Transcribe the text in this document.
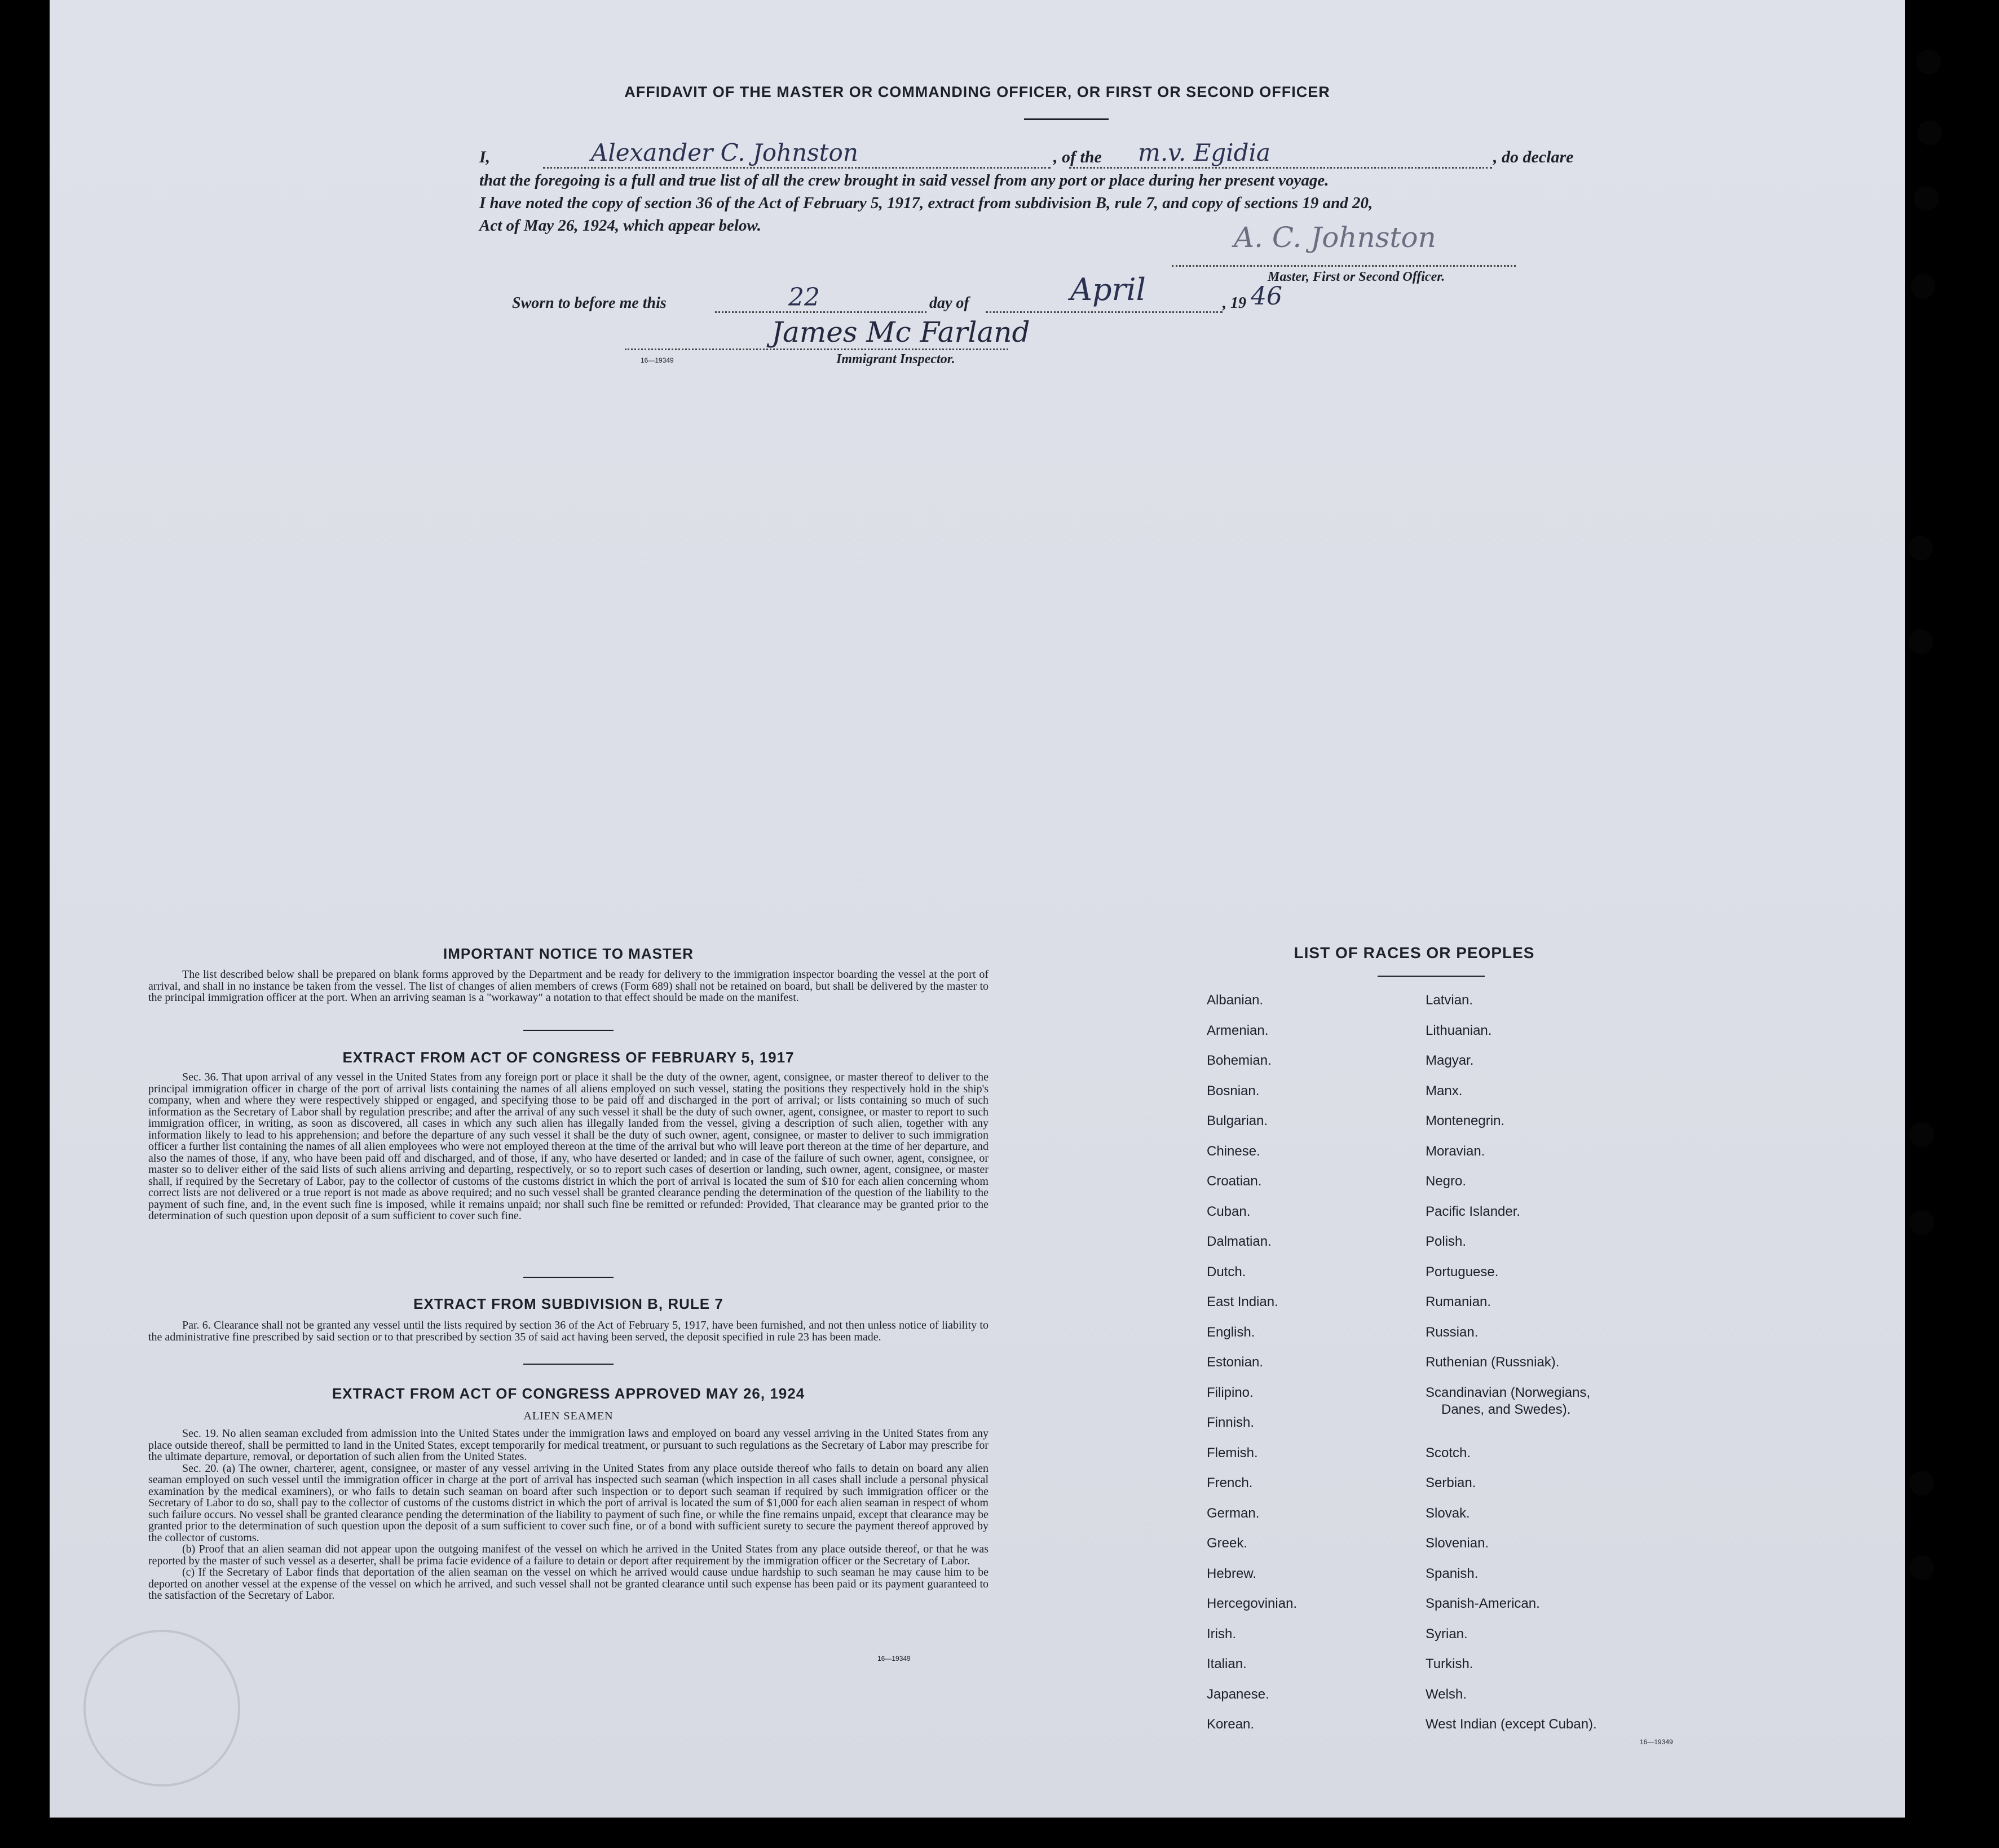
AFFIDAVIT OF THE MASTER OR COMMANDING OFFICER, OR FIRST OR SECOND OFFICER
I,	Alexander C. Johnston	, of the m.v. Egidia	, do declare
that the foregoing is a full and true list of all the crew brought in said vessel from any port or place during her present voyage.
I have noted the copy of section 36 of the Act of February 5, 1917, extract from subdivision B, rule 7, and copy of sections 19 and 20,
Act of May 26, 1924, which appear below.	A. C. Johnston
Master, First or Second Officer.
Sworn to before me this	22	day of	April	, 19 46
James Mc Farland
16—19349	Immigrant Inspector.
IMPORTANT NOTICE TO MASTER

The list described below shall be prepared on blank forms approved by the Department and be ready for delivery to the immigration inspector boarding the vessel at the port of arrival, and shall in no instance be taken from the vessel. The list of changes of alien members of crews (Form 689) shall not be retained on board, but shall be delivered by the master to the principal immigration officer at the port. When an arriving seaman is a "workaway" a notation to that effect should be made on the manifest.

EXTRACT FROM ACT OF CONGRESS OF FEBRUARY 5, 1917

Sec. 36. That upon arrival of any vessel in the United States from any foreign port or place it shall be the duty of the owner, agent, consignee, or master thereof to deliver to the principal immigration officer in charge of the port of arrival lists containing the names of all aliens employed on such vessel, stating the positions they respectively hold in the ship's company, when and where they were respectively shipped or engaged, and specifying those to be paid off and discharged in the port of arrival; or lists containing so much of such information as the Secretary of Labor shall by regulation prescribe; and after the arrival of any such vessel it shall be the duty of such owner, agent, consignee, or master to report to such immigration officer, in writing, as soon as discovered, all cases in which any such alien has illegally landed from the vessel, giving a description of such alien, together with any information likely to lead to his apprehension; and before the departure of any such vessel it shall be the duty of such owner, agent, consignee, or master to deliver to such immigration officer a further list containing the names of all alien employees who were not employed thereon at the time of the arrival but who will leave port thereon at the time of her departure, and also the names of those, if any, who have been paid off and discharged, and of those, if any, who have deserted or landed; and in case of the failure of such owner, agent, consignee, or master so to deliver either of the said lists of such aliens arriving and departing, respectively, or so to report such cases of desertion or landing, such owner, agent, consignee, or master shall, if required by the Secretary of Labor, pay to the collector of customs of the customs district in which the port of arrival is located the sum of $10 for each alien concerning whom correct lists are not delivered or a true report is not made as above required; and no such vessel shall be granted clearance pending the determination of the question of the liability to the payment of such fine, and, in the event such fine is imposed, while it remains unpaid; nor shall such fine be remitted or refunded: Provided, That clearance may be granted prior to the determination of such question upon deposit of a sum sufficient to cover such fine.

EXTRACT FROM SUBDIVISION B, RULE 7

Par. 6. Clearance shall not be granted any vessel until the lists required by section 36 of the Act of February 5, 1917, have been furnished, and not then unless notice of liability to the administrative fine prescribed by said section or to that prescribed by section 35 of said act having been served, the deposit specified in rule 23 has been made.

EXTRACT FROM ACT OF CONGRESS APPROVED MAY 26, 1924
ALIEN SEAMEN

Sec. 19. No alien seaman excluded from admission into the United States under the immigration laws and employed on board any vessel arriving in the United States from any place outside thereof, shall be permitted to land in the United States, except temporarily for medical treatment, or pursuant to such regulations as the Secretary of Labor may prescribe for the ultimate departure, removal, or deportation of such alien from the United States.

Sec. 20. (a) The owner, charterer, agent, consignee, or master of any vessel arriving in the United States from any place outside thereof who fails to detain on board any alien seaman employed on such vessel until the immigration officer in charge at the port of arrival has inspected such seaman (which inspection in all cases shall include a personal physical examination by the medical examiners), or who fails to detain such seaman on board after such inspection or to deport such seaman if required by such immigration officer or the Secretary of Labor to do so, shall pay to the collector of customs of the customs district in which the port of arrival is located the sum of $1,000 for each alien seaman in respect of whom such failure occurs. No vessel shall be granted clearance pending the determination of the liability to payment of such fine, or while the fine remains unpaid, except that clearance may be granted prior to the determination of such question upon the deposit of a sum sufficient to cover such fine, or of a bond with sufficient surety to secure the payment thereof approved by the collector of customs.

(b) Proof that an alien seaman did not appear upon the outgoing manifest of the vessel on which he arrived in the United States from any place outside thereof, or that he was reported by the master of such vessel as a deserter, shall be prima facie evidence of a failure to detain or deport after requirement by the immigration officer or the Secretary of Labor.

(c) If the Secretary of Labor finds that deportation of the alien seaman on the vessel on which he arrived would cause undue hardship to such seaman he may cause him to be deported on another vessel at the expense of the vessel on which he arrived, and such vessel shall not be granted clearance until such expense has been paid or its payment guaranteed to the satisfaction of the Secretary of Labor.

16—19349
LIST OF RACES OR PEOPLES
Albanian.
Armenian.
Bohemian.
Bosnian.
Bulgarian.
Chinese.
Croatian.
Cuban.
Dalmatian.
Dutch.
East Indian.
English.
Estonian.
Filipino.
Finnish.
Flemish.
French.
German.
Greek.
Hebrew.
Hercegovinian.
Irish.
Italian.
Japanese.
Korean.
Latvian.
Lithuanian.
Magyar.
Manx.
Montenegrin.
Moravian.
Negro.
Pacific Islander.
Polish.
Portuguese.
Rumanian.
Russian.
Ruthenian (Russniak).
Scandinavian (Norwegians,
Danes, and Swedes).
Scotch.
Serbian.
Slovak.
Slovenian.
Spanish.
Spanish-American.
Syrian.
Turkish.
Welsh.
West Indian (except Cuban).
16—19349
